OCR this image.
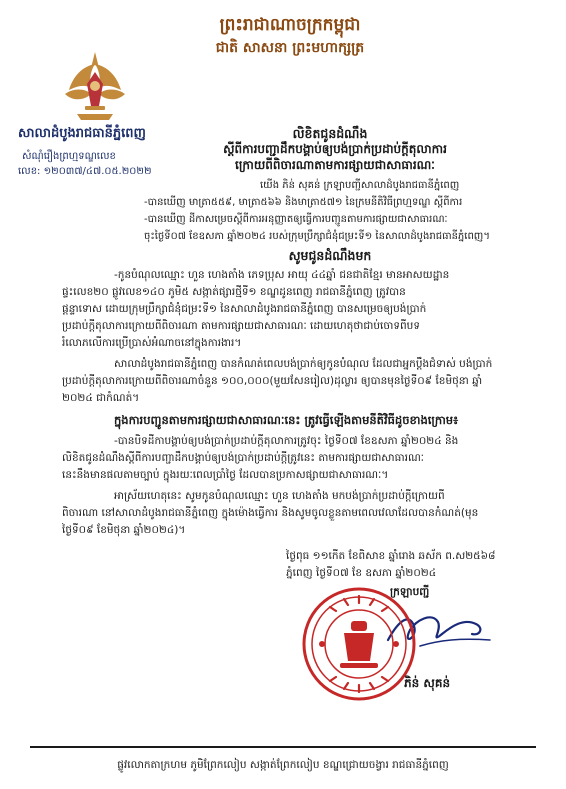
ព្រះរាជាណាចក្រកម្ពុជា
ជាតិ សាសនា ព្រះមហាក្សត្រ
សាលាដំបូងរាជធានីភ្នំពេញ
សំណុំរឿងព្រហ្មទណ្ឌលេខ
លេខ: ១២០៣៧/៤៧.០៥.២០២២
លិខិតជូនដំណឹង
ស្តីពីការបញ្ជាដឹកបង្គាប់ឲ្យបង់ប្រាក់ប្រដាប់ក្តីតុលាការ
ក្រោយពីពិចារណាតាមការផ្សាយជាសាធារណៈ
យើង ភិន់ សុគន់ ក្រឡាបញ្ជីសាលាដំបូងរាជធានីភ្នំពេញ
-បានឃើញ មាត្រា៥៥៩, មាត្រា៥៦៦ និងមាត្រា៥៧១ នៃក្រមនីតិវិធីព្រហ្មទណ្ឌ ស្តីពីការ
-បានឃើញ ដីកាសម្រេចស្តីពីការអនុញ្ញាតឲ្យធ្វើការបញ្ជូនតាមការផ្សាយជាសាធារណៈ
ចុះថ្ងៃទី០៧ ខែឧសភា ឆ្នាំ២០២៤ របស់ក្រុមប្រឹក្សាជំនុំជម្រះទី១ នៃសាលាដំបូងរាជធានីភ្នំពេញ។
សូមជូនដំណឹងមក
-កូនបំណុលឈ្មោះ ហួន ហេងតាំង ភេទប្រុស អាយុ ៤៤ឆ្នាំ ជនជាតិខ្មែរ មានអាសយដ្ឋាន
ផ្ទះលេខ២០ ផ្លូវលេខ១៤០ ភូមិ៥ សង្កាត់ផ្សារថ្មីទី១ ខណ្ឌដូនពេញ រាជធានីភ្នំពេញ ត្រូវបាន
ផ្តន្ទាទោស ដោយក្រុមប្រឹក្សាជំនុំជម្រះទី១ នៃសាលាដំបូងរាជធានីភ្នំពេញ បានសម្រេចឲ្យបង់ប្រាក់
ប្រដាប់ក្តីតុលាការក្រោយពីពិចារណា តាមការផ្សាយជាសាធារណៈ ដោយហេតុថាជាប់ចោទពីបទ
រំលោភលើការប្រើប្រាស់អំណាចនៅក្នុងការងារ។
សាលាដំបូងរាជធានីភ្នំពេញ បានកំណត់ពេលបង់ប្រាក់ឲ្យកូនបំណុល ដែលជាអ្នកប្ដឹងជំទាស់ បង់ប្រាក់
ប្រដាប់ក្តីតុលាការក្រោយពីពិចារណាចំនួន ១០០,០០០(មួយសែនរៀល)ដុល្លារ ឲ្យបានមុនថ្ងៃទី០៩ ខែមិថុនា ឆ្នាំ
២០២៤ ជាកំណត់។
ក្នុងការបញ្ជូនតាមការផ្សាយជាសាធារណៈនេះ ត្រូវធ្វើឡើងតាមនីតិវិធីដូចខាងក្រោម៖
-បានបិទដីកាបង្គាប់ឲ្យបង់ប្រាក់ប្រដាប់ក្តីតុលាការត្រូវចុះ ថ្ងៃទី០៧ ខែឧសភា ឆ្នាំ២០២៤ និង
លិខិតជូនដំណឹងស្តីពីការបញ្ជាដឹកបង្គាប់ឲ្យបង់ប្រាក់ប្រដាប់ក្តីត្រូវនេះ តាមការផ្សាយជាសាធារណៈ
នេះនឹងមានផលតាមច្បាប់ ក្នុងរយៈពេលប្រាំថ្ងៃ ដែលបានប្រកាសផ្សាយជាសាធារណៈ។
អាស្រ័យហេតុនេះ សូមកូនបំណុលឈ្មោះ ហួន ហេងតាំង មកបង់ប្រាក់ប្រដាប់ក្តីក្រោយពី
ពិចារណា នៅសាលាដំបូងរាជធានីភ្នំពេញ ក្នុងម៉ោងធ្វើការ និងសូមចូលខ្លួនតាមពេលវេលាដែលបានកំណត់(មុន
ថ្ងៃទី០៩ ខែមិថុនា ឆ្នាំ២០២៤)។
ថ្ងៃពុធ ១១កើត ខែពិសាខ ឆ្នាំរោង ឆស័ក ព.ស២៥៦៨
ភ្នំពេញ ថ្ងៃទី០៧ ខែ ឧសភា ឆ្នាំ២០២៤
ក្រឡាបញ្ជី
ភិន់ សុគន់
ផ្លូវលោកតាក្រហម ភូមិព្រែកលៀប សង្កាត់ព្រែកលៀប ខណ្ឌជ្រោយចង្វារ រាជធានីភ្នំពេញ
